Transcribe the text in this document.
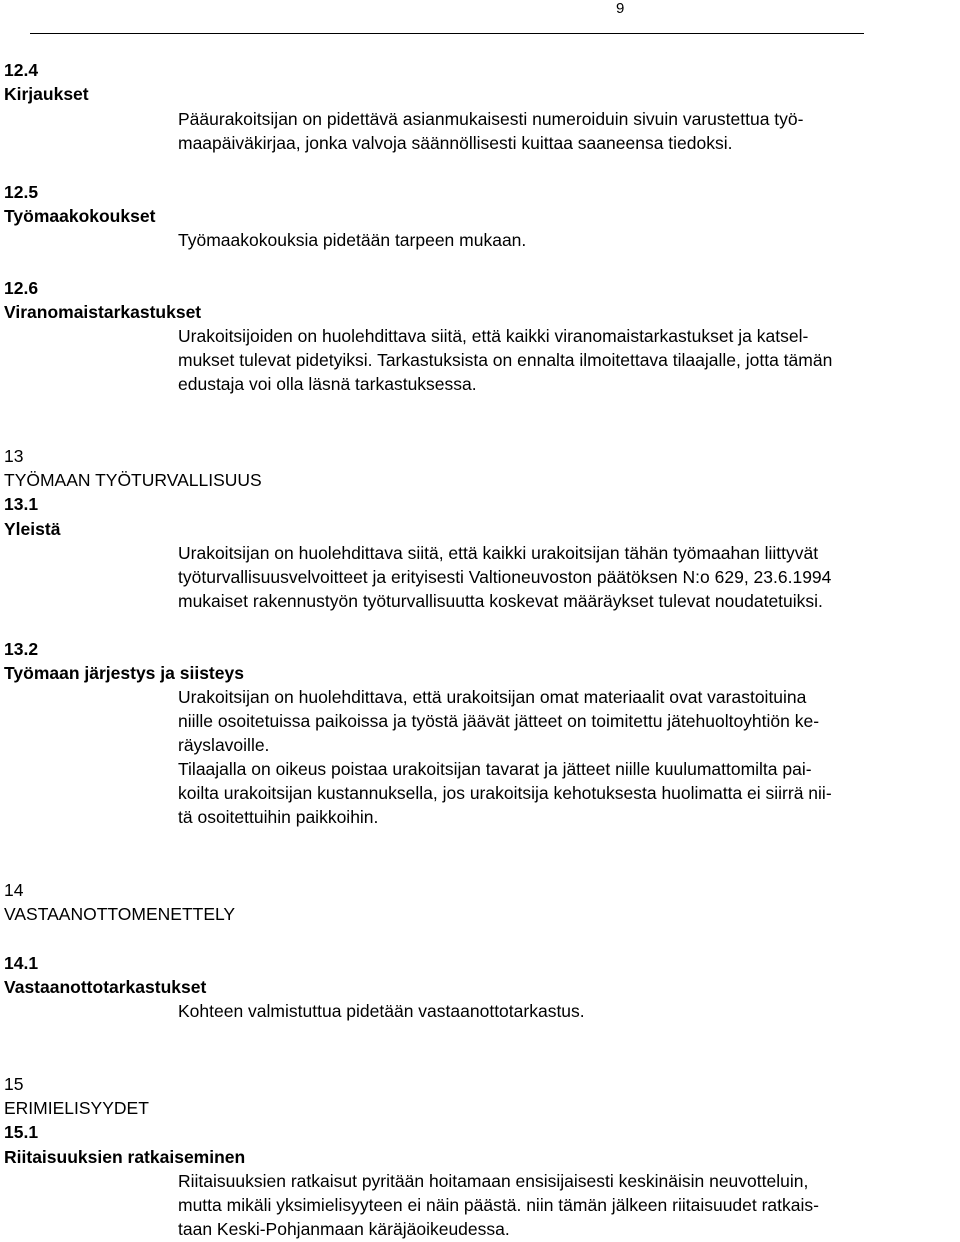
9
12.4
Kirjaukset
Pääurakoitsijan on pidettävä asianmukaisesti numeroiduin sivuin varustettua työ-
maapäiväkirjaa, jonka valvoja säännöllisesti kuittaa saaneensa tiedoksi.
12.5
Työmaakokoukset
Työmaakokouksia pidetään tarpeen mukaan.
12.6
Viranomaistarkastukset
Urakoitsijoiden on huolehdittava siitä, että kaikki viranomaistarkastukset ja katsel-
mukset tulevat pidetyiksi. Tarkastuksista on ennalta ilmoitettava tilaajalle, jotta tämän
edustaja voi olla läsnä tarkastuksessa.
13
TYÖMAAN TYÖTURVALLISUUS
13.1
Yleistä
Urakoitsijan on huolehdittava siitä, että kaikki urakoitsijan tähän työmaahan liittyvät
työturvallisuusvelvoitteet ja erityisesti Valtioneuvoston päätöksen N:o 629, 23.6.1994
mukaiset rakennustyön työturvallisuutta koskevat määräykset tulevat noudatetuiksi.
13.2
Työmaan järjestys ja siisteys
Urakoitsijan on huolehdittava, että urakoitsijan omat materiaalit ovat varastoituina
niille osoitetuissa paikoissa ja työstä jäävät jätteet on toimitettu jätehuoltoyhtiön ke-
räyslavoille.
Tilaajalla on oikeus poistaa urakoitsijan tavarat ja jätteet niille kuulumattomilta pai-
koilta urakoitsijan kustannuksella, jos urakoitsija kehotuksesta huolimatta ei siirrä nii-
tä osoitettuihin paikkoihin.
14
VASTAANOTTOMENETTELY
14.1
Vastaanottotarkastukset
Kohteen valmistuttua pidetään vastaanottotarkastus.
15
ERIMIELISYYDET
15.1
Riitaisuuksien ratkaiseminen
Riitaisuuksien ratkaisut pyritään hoitamaan ensisijaisesti keskinäisin neuvotteluin,
mutta mikäli yksimielisyyteen ei näin päästä. niin tämän jälkeen riitaisuudet ratkais-
taan Keski-Pohjanmaan käräjäoikeudessa.
